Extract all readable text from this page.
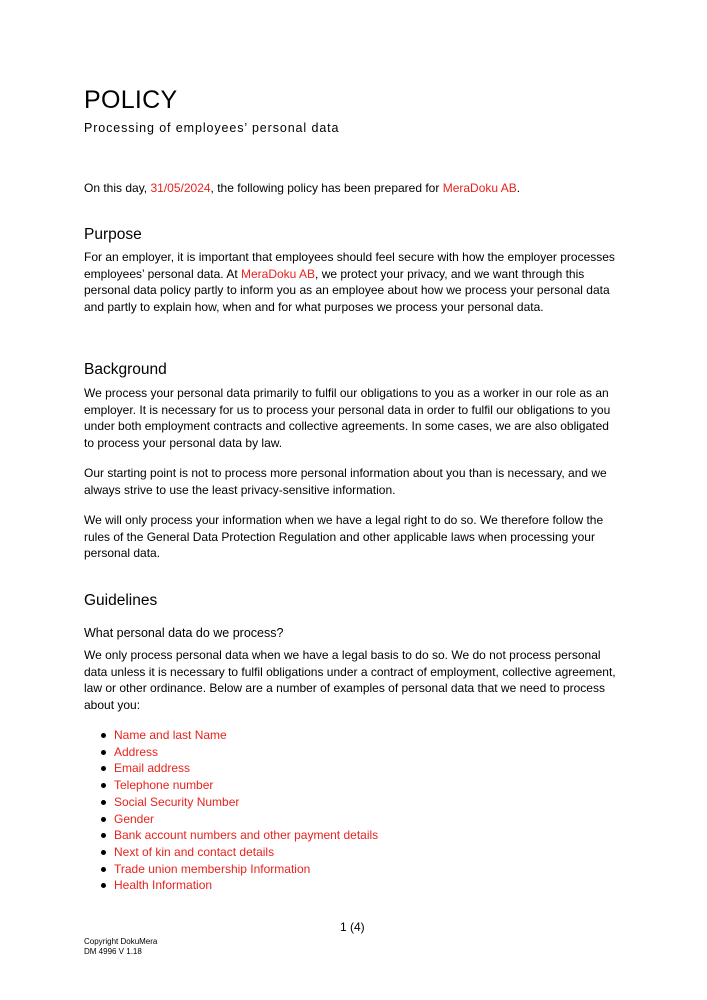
POLICY
Processing of employees’ personal data
On this day, 31/05/2024, the following policy has been prepared for MeraDoku AB.
Purpose
For an employer, it is important that employees should feel secure with how the employer processes employees’ personal data. At MeraDoku AB, we protect your privacy, and we want through this personal data policy partly to inform you as an employee about how we process your personal data and partly to explain how, when and for what purposes we process your personal data.
Background
We process your personal data primarily to fulfil our obligations to you as a worker in our role as an employer. It is necessary for us to process your personal data in order to fulfil our obligations to you under both employment contracts and collective agreements. In some cases, we are also obligated to process your personal data by law.
Our starting point is not to process more personal information about you than is necessary, and we always strive to use the least privacy-sensitive information.
We will only process your information when we have a legal right to do so. We therefore follow the rules of the General Data Protection Regulation and other applicable laws when processing your personal data.
Guidelines
What personal data do we process?
We only process personal data when we have a legal basis to do so. We do not process personal data unless it is necessary to fulfil obligations under a contract of employment, collective agreement, law or other ordinance. Below are a number of examples of personal data that we need to process about you:
Name and last Name
Address
Email address
Telephone number
Social Security Number
Gender
Bank account numbers and other payment details
Next of kin and contact details
Trade union membership Information
Health Information
1 (4)
Copyright DokuMera
DM 4996 V 1.18
